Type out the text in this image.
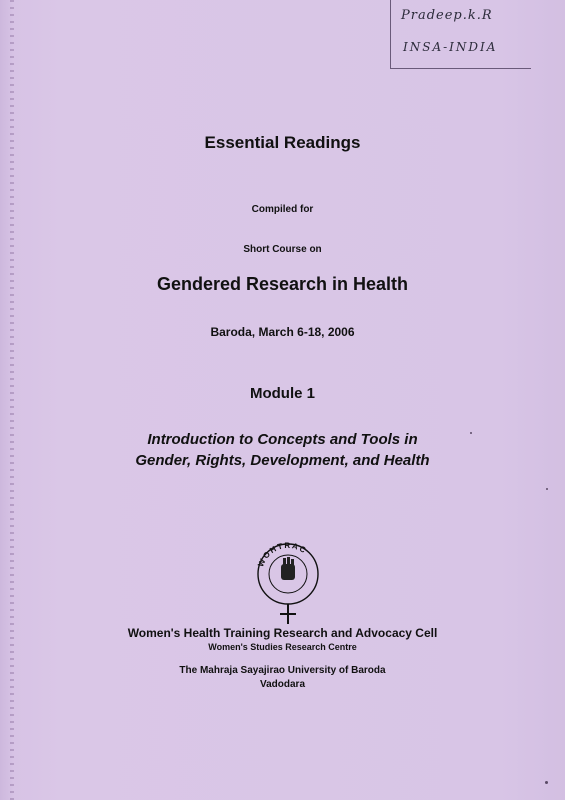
Pradeep.k.R
INSA-INDIA
Essential Readings
Compiled for
Short Course on
Gendered Research in Health
Baroda, March 6-18, 2006
Module 1
Introduction to Concepts and Tools in
Gender, Rights, Development, and Health
WOHTRAC
Women's Health Training Research and Advocacy Cell
Women's Studies Research Centre
The Mahraja Sayajirao University of Baroda
Vadodara
